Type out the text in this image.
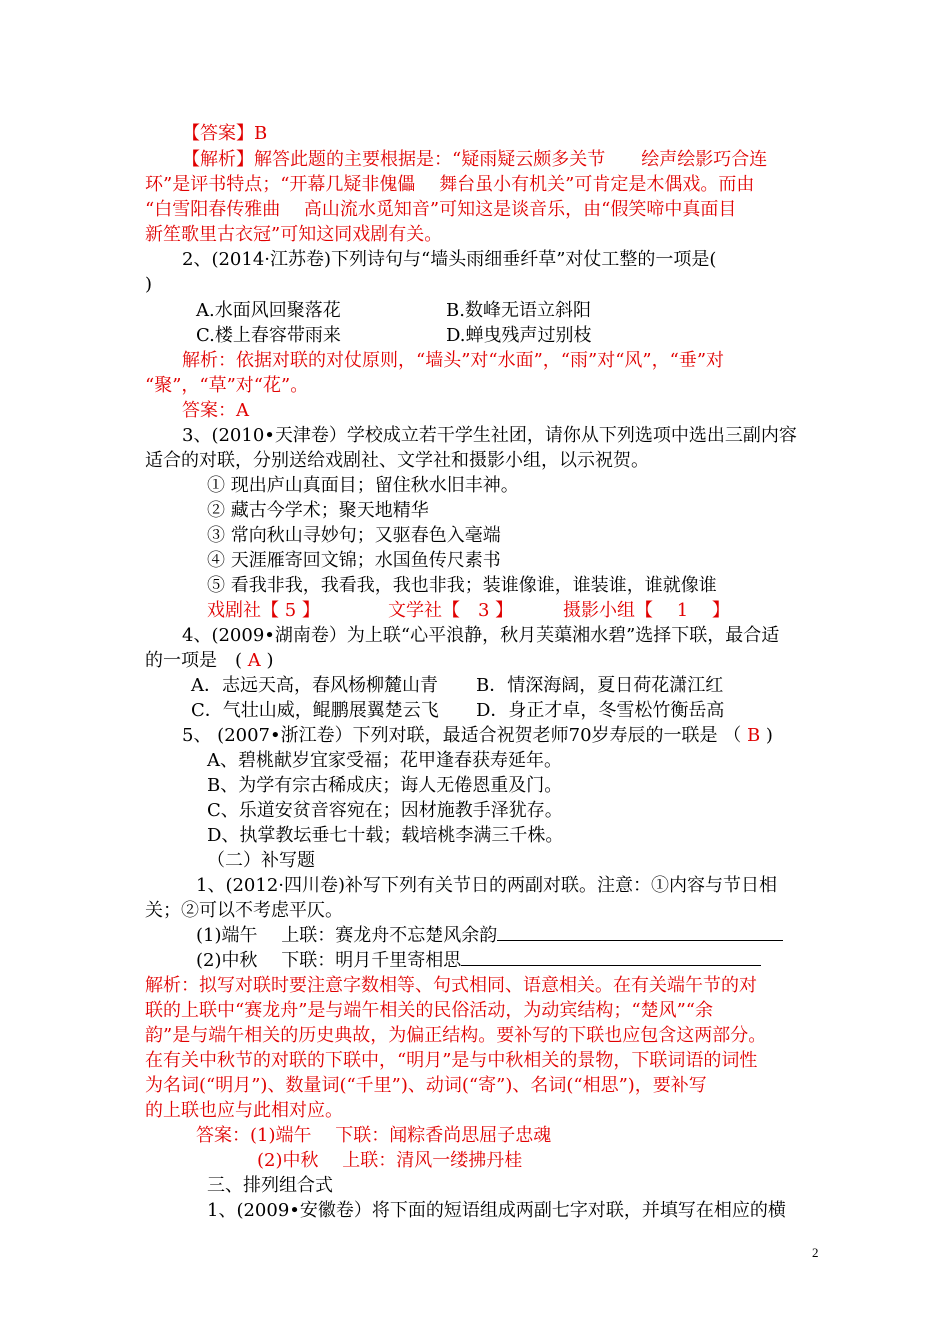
【答案】B
【解析】解答此题的主要根据是：“疑雨疑云颇多关节　　绘声绘影巧合连
环”是评书特点；“开幕几疑非傀儡　 舞台虽小有机关”可肯定是木偶戏。而由
“白雪阳春传雅曲　 高山流水觅知音”可知这是谈音乐，由“假笑啼中真面目
新笙歌里古衣冠”可知这同戏剧有关。
2、(2014·江苏卷)下列诗句与“墙头雨细垂纤草”对仗工整的一项是(
)
A.水面风回聚落花	B.数峰无语立斜阳
C.楼上春容带雨来	D.蝉曳残声过别枝
解析：依据对联的对仗原则，“墙头”对“水面”，“雨”对“风”，“垂”对
“聚”，“草”对“花”。
答案：A
3、(2010•天津卷）学校成立若干学生社团，请你从下列选项中选出三副内容
适合的对联，分别送给戏剧社、文学社和摄影小组，以示祝贺。
① 现出庐山真面目；留住秋水旧丰神。
② 藏古今学术；聚天地精华
③ 常向秋山寻妙句；又驱春色入毫端
④ 天涯雁寄回文锦；水国鱼传尺素书
⑤ 看我非我，我看我，我也非我；装谁像谁，谁装谁，谁就像谁
戏剧社【 5 】	文学社【　3 】	摄影小组【　 1　 】
4、(2009•湖南卷）为上联“心平浪静，秋月芙蕖湘水碧”选择下联，最合适
的一项是　( A )
A．志远天高，春风杨柳麓山青 B．情深海阔，夏日荷花潇江红
C．气壮山威，鲲鹏展翼楚云飞 D．身正才卓，冬雪松竹衡岳高
5、 (2007•浙江卷）下列对联，最适合祝贺老师70岁寿辰的一联是 （ B )
A、碧桃献岁宜家受福；花甲逢春获寿延年。
B、为学有宗古稀成庆；诲人无倦恩重及门。
C、乐道安贫音容宛在；因材施教手泽犹存。
D、执掌教坛垂七十载；载培桃李满三千株。
（二）补写题
1、(2012·四川卷)补写下列有关节日的两副对联。注意：①内容与节日相
关；②可以不考虑平仄。
(1)端午　 上联：赛龙舟不忘楚风余韵
(2)中秋　 下联：明月千里寄相思
解析：拟写对联时要注意字数相等、句式相同、语意相关。在有关端午节的对
联的上联中“赛龙舟”是与端午相关的民俗活动，为动宾结构；“楚风”“余
韵”是与端午相关的历史典故，为偏正结构。要补写的下联也应包含这两部分。
在有关中秋节的对联的下联中，“明月”是与中秋相关的景物，下联词语的词性
为名词(“明月”)、数量词(“千里”)、动词(“寄”)、名词(“相思”)，要补写
的上联也应与此相对应。
答案：(1)端午　 下联：闻粽香尚思屈子忠魂
(2)中秋　 上联：清风一缕拂丹桂
三、排列组合式
1、(2009•安徽卷）将下面的短语组成两副七字对联，并填写在相应的横
2
